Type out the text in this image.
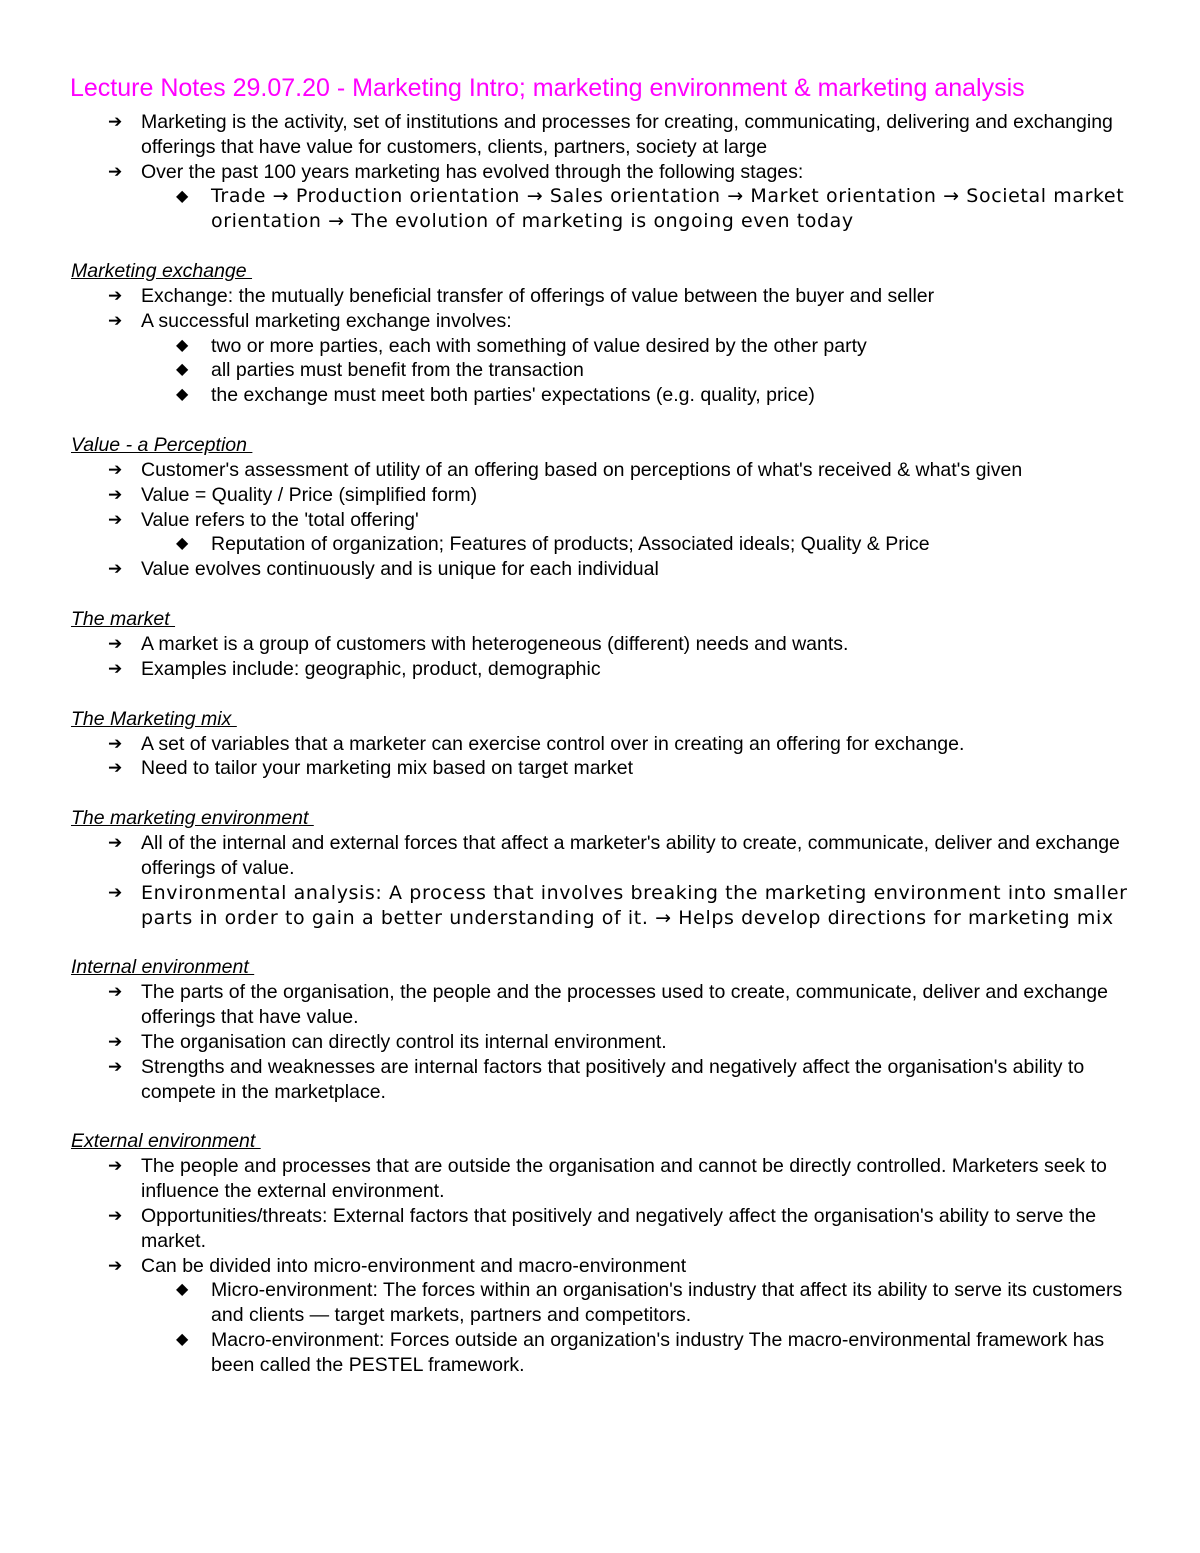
Lecture Notes 29.07.20 - Marketing Intro; marketing environment & marketing analysis
➔ Marketing is the activity, set of institutions and processes for creating, communicating, delivering and exchanging offerings that have value for customers, clients, partners, society at large
➔ Over the past 100 years marketing has evolved through the following stages:
◆ Trade → Production orientation → Sales orientation → Market orientation → Societal market orientation → The evolution of marketing is ongoing even today
Marketing exchange
➔ Exchange: the mutually beneficial transfer of offerings of value between the buyer and seller
➔ A successful marketing exchange involves:
◆ two or more parties, each with something of value desired by the other party
◆ all parties must benefit from the transaction
◆ the exchange must meet both parties' expectations (e.g. quality, price)
Value - a Perception
➔ Customer's assessment of utility of an offering based on perceptions of what's received & what's given
➔ Value = Quality / Price (simplified form)
➔ Value refers to the 'total offering'
◆ Reputation of organization; Features of products; Associated ideals; Quality & Price
➔ Value evolves continuously and is unique for each individual
The market
➔ A market is a group of customers with heterogeneous (different) needs and wants.
➔ Examples include: geographic, product, demographic
The Marketing mix
➔ A set of variables that a marketer can exercise control over in creating an offering for exchange.
➔ Need to tailor your marketing mix based on target market
The marketing environment
➔ All of the internal and external forces that affect a marketer's ability to create, communicate, deliver and exchange offerings of value.
➔ Environmental analysis: A process that involves breaking the marketing environment into smaller parts in order to gain a better understanding of it. → Helps develop directions for marketing mix
Internal environment
➔ The parts of the organisation, the people and the processes used to create, communicate, deliver and exchange offerings that have value.
➔ The organisation can directly control its internal environment.
➔ Strengths and weaknesses are internal factors that positively and negatively affect the organisation's ability to compete in the marketplace.
External environment
➔ The people and processes that are outside the organisation and cannot be directly controlled. Marketers seek to influence the external environment.
➔ Opportunities/threats: External factors that positively and negatively affect the organisation's ability to serve the market.
➔ Can be divided into micro-environment and macro-environment
◆ Micro-environment: The forces within an organisation's industry that affect its ability to serve its customers and clients — target markets, partners and competitors.
◆ Macro-environment: Forces outside an organization's industry The macro-environmental framework has been called the PESTEL framework.
